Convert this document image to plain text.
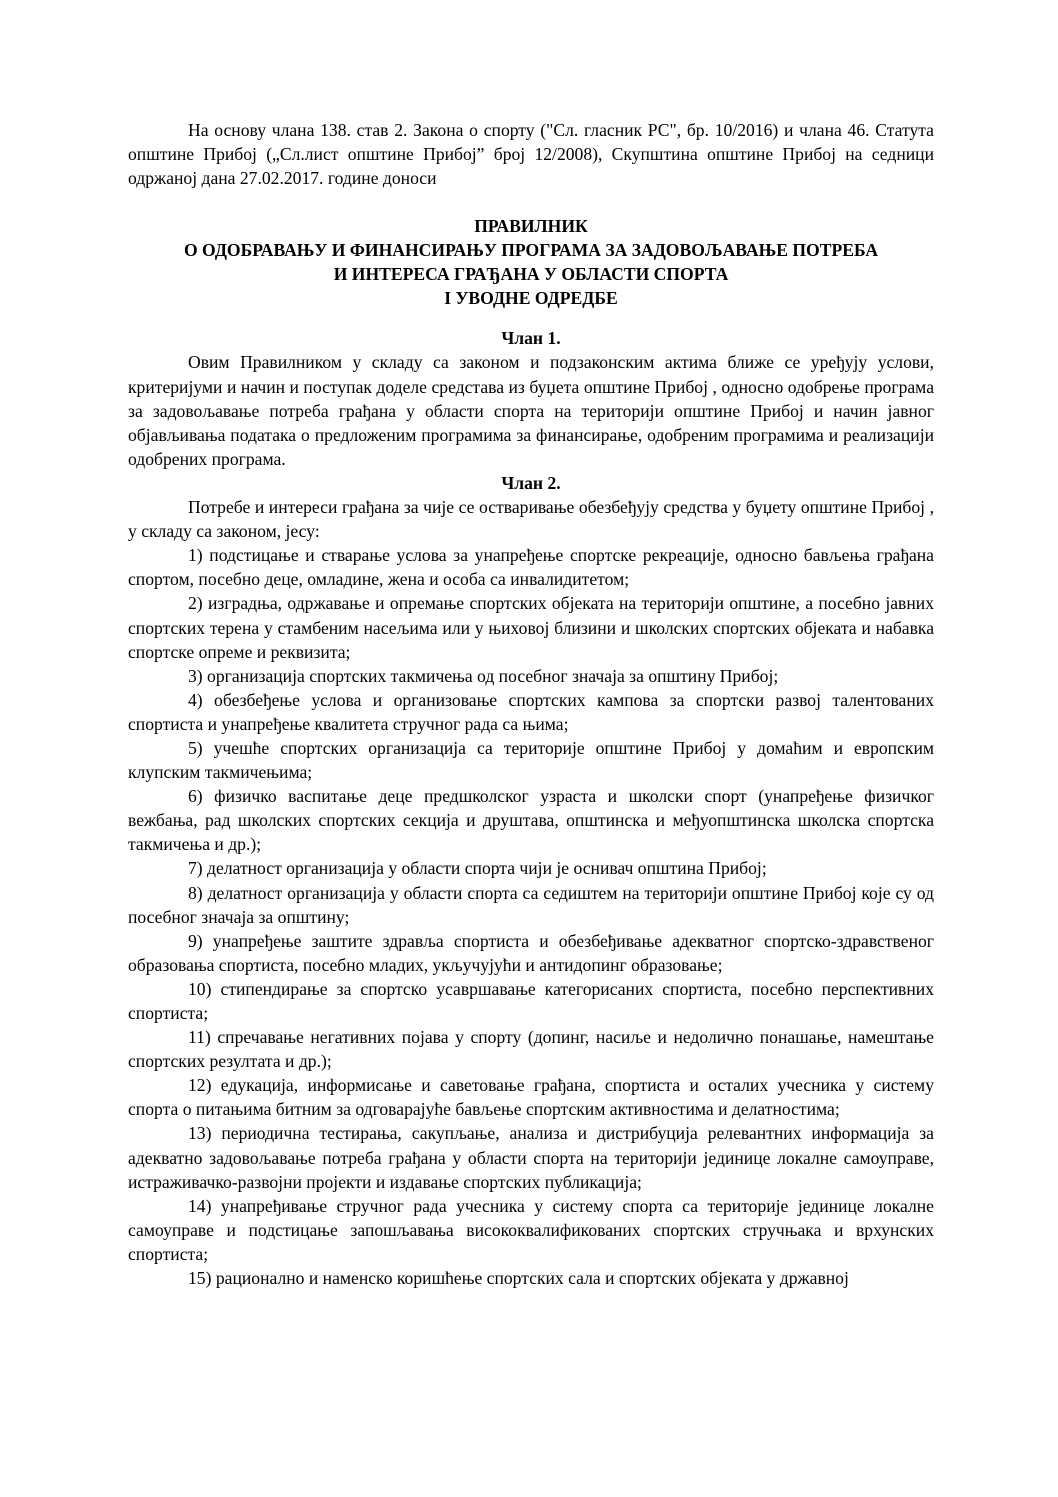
На основу члана 138. став 2. Закона о спорту ("Сл. гласник РС", бр. 10/2016) и члана 46. Статута општине Прибој („Сл.лист општине Прибој” број 12/2008), Скупштина општине Прибој на седници одржаној дана 27.02.2017. године доноси

ПРАВИЛНИК

О ОДОБРАВАЊУ И ФИНАНСИРАЊУ ПРОГРАМА ЗА ЗАДОВОЉАВАЊЕ ПОТРЕБА

И ИНТЕРЕСА ГРАЂАНА У ОБЛАСТИ СПОРТА

I УВОДНЕ ОДРЕДБЕ

Члан 1.

Овим Правилником у складу са законом и подзаконским актима ближе се уређују услови, критеријуми и начин и поступак доделе средстава из буџета општине Прибој , односно одобрење програма за задовољавање потреба грађана у области спорта на територији општине Прибој и начин јавног објављивања података о предложеним програмима за финансирање, одобреним програмима и реализацији одобрених програма.

Члан 2.

Потребе и интереси грађана за чије се остваривање обезбеђују средства у буџету општине Прибој , у складу са законом, јесу:

1) подстицање и стварање услова за унапређење спортске рекреације, односно бављења грађана спортом, посебно деце, омладине, жена и особа са инвалидитетом;

2) изградња, одржавање и опремање спортских објеката на територији општине, а посебно јавних спортских терена у стамбеним насељима или у њиховој близини и школских спортских објеката и набавка спортске опреме и реквизита;

3) организација спортских такмичења од посебног значаја за општину Прибој;

4) обезбеђење услова и организовање спортских кампова за спортски развој талентованих спортиста и унапређење квалитета стручног рада са њима;

5) учешће спортских организација са територије општине Прибој у домаћим и европским клупским такмичењима;

6) физичко васпитање деце предшколског узраста и школски спорт (унапређење физичког вежбања, рад школских спортских секција и друштава, општинска и међуопштинска школска спортска такмичења и др.);

7) делатност организација у области спорта чији је оснивач општина Прибој;

8) делатност организација у области спорта са седиштем на територији општине Прибој које су од посебног значаја за општину;

9) унапређење заштите здравља спортиста и обезбеђивање адекватног спортско-здравственог образовања спортиста, посебно младих, укључујући и антидопинг образовање;

10) стипендирање за спортско усавршавање категорисаних спортиста, посебно перспективних спортиста;

11) спречавање негативних појава у спорту (допинг, насиље и недолично понашање, намештање спортских резултата и др.);

12) едукација, информисање и саветовање грађана, спортиста и осталих учесника у систему спорта о питањима битним за одговарајуће бављење спортским активностима и делатностима;

13) периодична тестирања, сакупљање, анализа и дистрибуција релевантних информација за адекватно задовољавање потреба грађана у области спорта на територији јединице локалне самоуправе, истраживачко-развојни пројекти и издавање спортских публикација;

14) унапређивање стручног рада учесника у систему спорта са територије јединице локалне самоуправе и подстицање запошљавања висококвалификованих спортских стручњака и врхунских спортиста;

15) рационално и наменско коришћење спортских сала и спортских објеката у државној
